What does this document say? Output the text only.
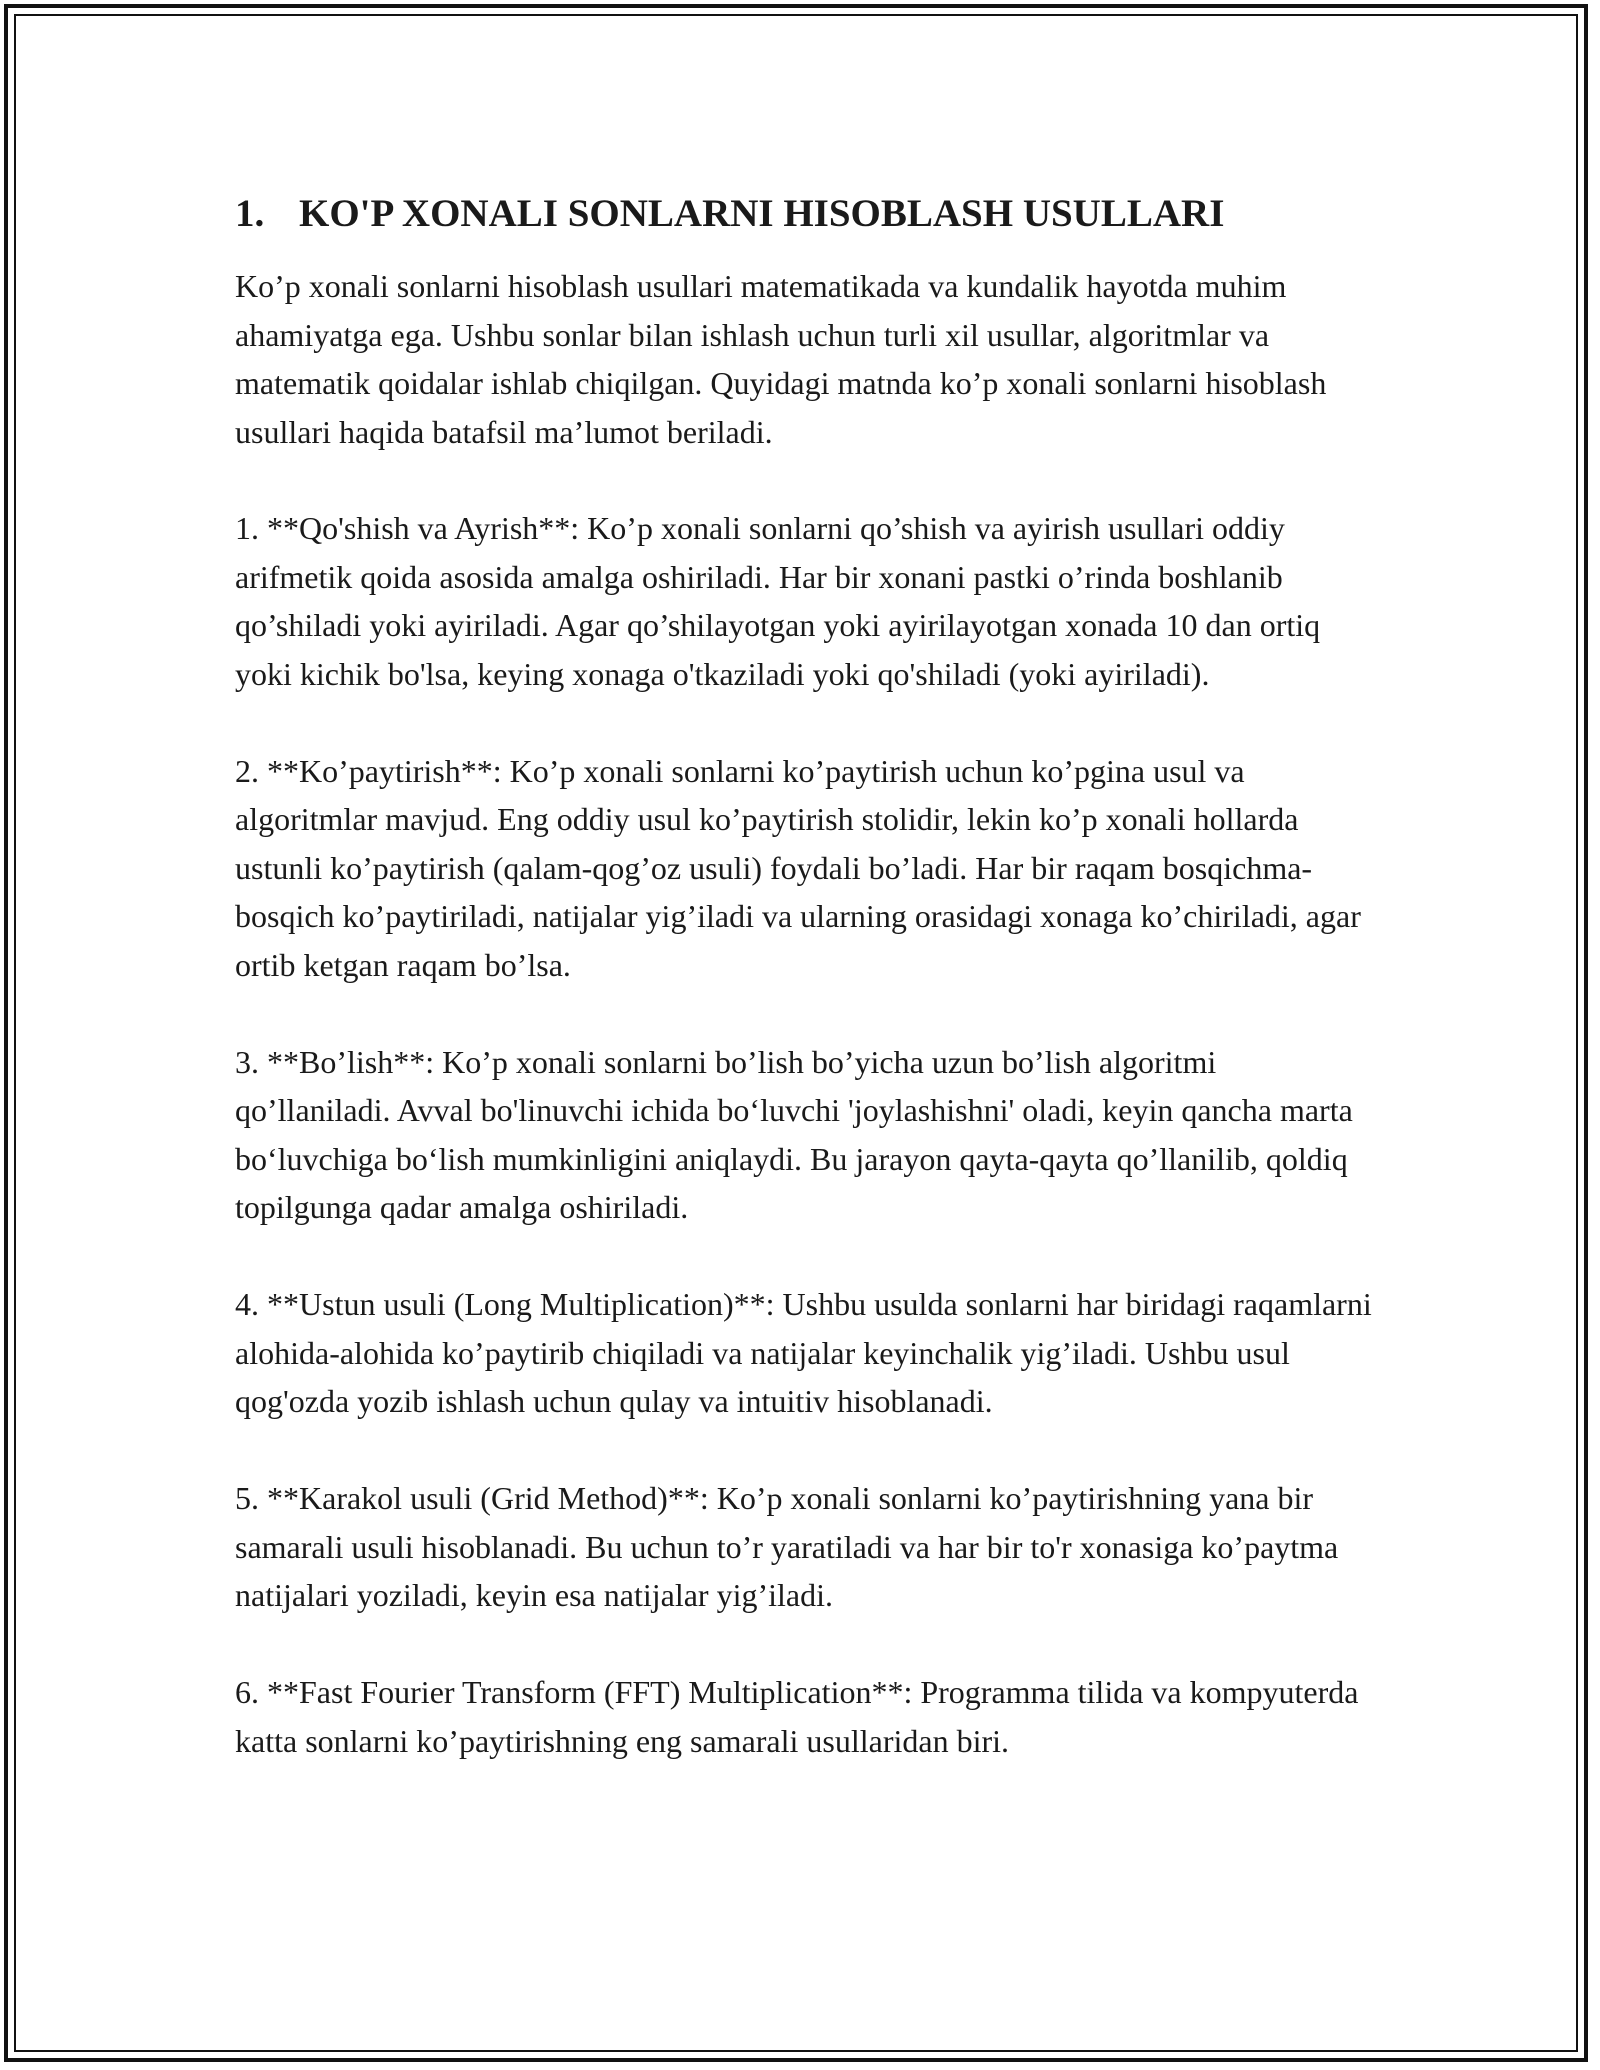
1. KO'P XONALI SONLARNI HISOBLASH USULLARI

Ko’p xonali sonlarni hisoblash usullari matematikada va kundalik hayotda muhim ahamiyatga ega. Ushbu sonlar bilan ishlash uchun turli xil usullar, algoritmlar va matematik qoidalar ishlab chiqilgan. Quyidagi matnda ko’p xonali sonlarni hisoblash usullari haqida batafsil ma’lumot beriladi.

1. **Qo'shish va Ayrish**: Ko’p xonali sonlarni qo’shish va ayirish usullari oddiy arifmetik qoida asosida amalga oshiriladi. Har bir xonani pastki o’rinda boshlanib qo’shiladi yoki ayiriladi. Agar qo’shilayotgan yoki ayirilayotgan xonada 10 dan ortiq yoki kichik bo'lsa, keying xonaga o'tkaziladi yoki qo'shiladi (yoki ayiriladi).

2. **Ko’paytirish**: Ko’p xonali sonlarni ko’paytirish uchun ko’pgina usul va algoritmlar mavjud. Eng oddiy usul ko’paytirish stolidir, lekin ko’p xonali hollarda ustunli ko’paytirish (qalam-qog’oz usuli) foydali bo’ladi. Har bir raqam bosqichma-bosqich ko’paytiriladi, natijalar yig’iladi va ularning orasidagi xonaga ko’chiriladi, agar ortib ketgan raqam bo’lsa.

3. **Bo’lish**: Ko’p xonali sonlarni bo’lish bo’yicha uzun bo’lish algoritmi qo’llaniladi. Avval bo'linuvchi ichida bo‘luvchi 'joylashishni' oladi, keyin qancha marta bo‘luvchiga bo‘lish mumkinligini aniqlaydi. Bu jarayon qayta-qayta qo’llanilib, qoldiq topilgunga qadar amalga oshiriladi.

4. **Ustun usuli (Long Multiplication)**: Ushbu usulda sonlarni har biridagi raqamlarni alohida-alohida ko’paytirib chiqiladi va natijalar keyinchalik yig’iladi. Ushbu usul qog'ozda yozib ishlash uchun qulay va intuitiv hisoblanadi.

5. **Karakol usuli (Grid Method)**: Ko’p xonali sonlarni ko’paytirishning yana bir samarali usuli hisoblanadi. Bu uchun to’r yaratiladi va har bir to'r xonasiga ko’paytma natijalari yoziladi, keyin esa natijalar yig’iladi.

6. **Fast Fourier Transform (FFT) Multiplication**: Programma tilida va kompyuterda katta sonlarni ko’paytirishning eng samarali usullaridan biri.
